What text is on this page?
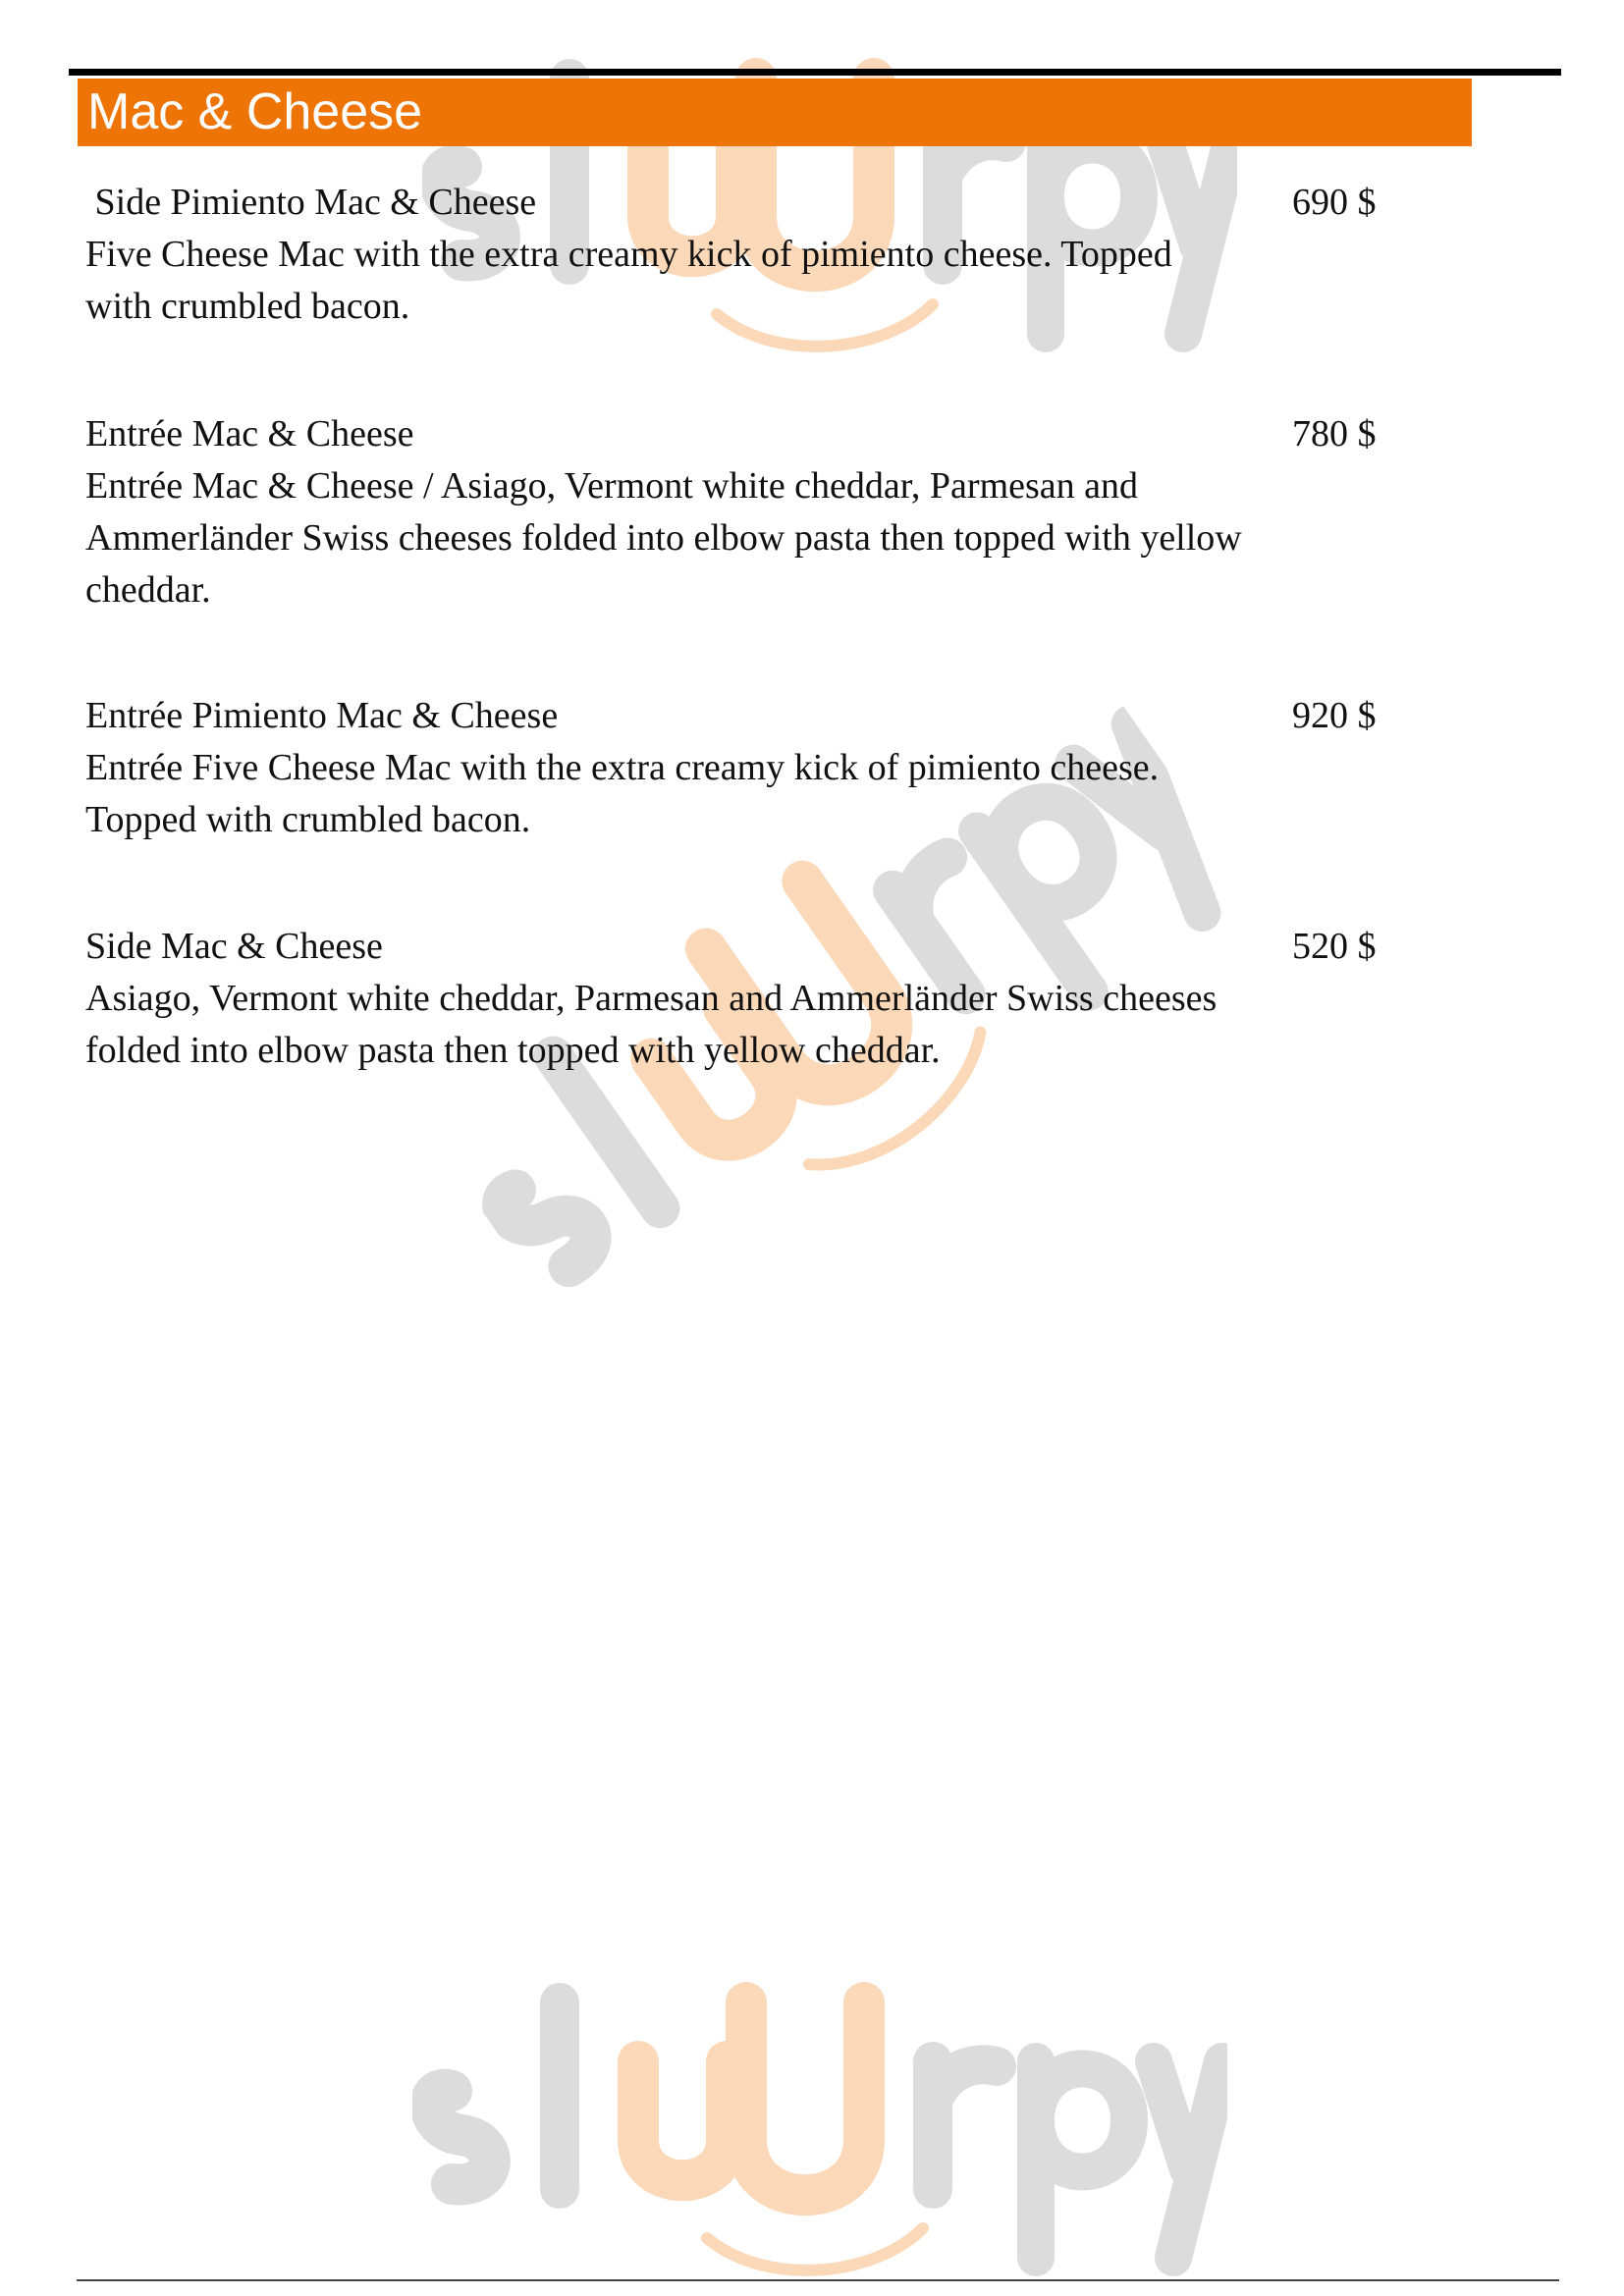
Mac & Cheese
Side Pimiento Mac & Cheese
Five Cheese Mac with the extra creamy kick of pimiento cheese. Topped with crumbled bacon.
690 $
Entrée Mac & Cheese
Entrée Mac & Cheese / Asiago, Vermont white cheddar, Parmesan and Ammerländer Swiss cheeses folded into elbow pasta then topped with yellow cheddar.
780 $
Entrée Pimiento Mac & Cheese
Entrée Five Cheese Mac with the extra creamy kick of pimiento cheese. Topped with crumbled bacon.
920 $
Side Mac & Cheese
Asiago, Vermont white cheddar, Parmesan and Ammerländer Swiss cheeses folded into elbow pasta then topped with yellow cheddar.
520 $
